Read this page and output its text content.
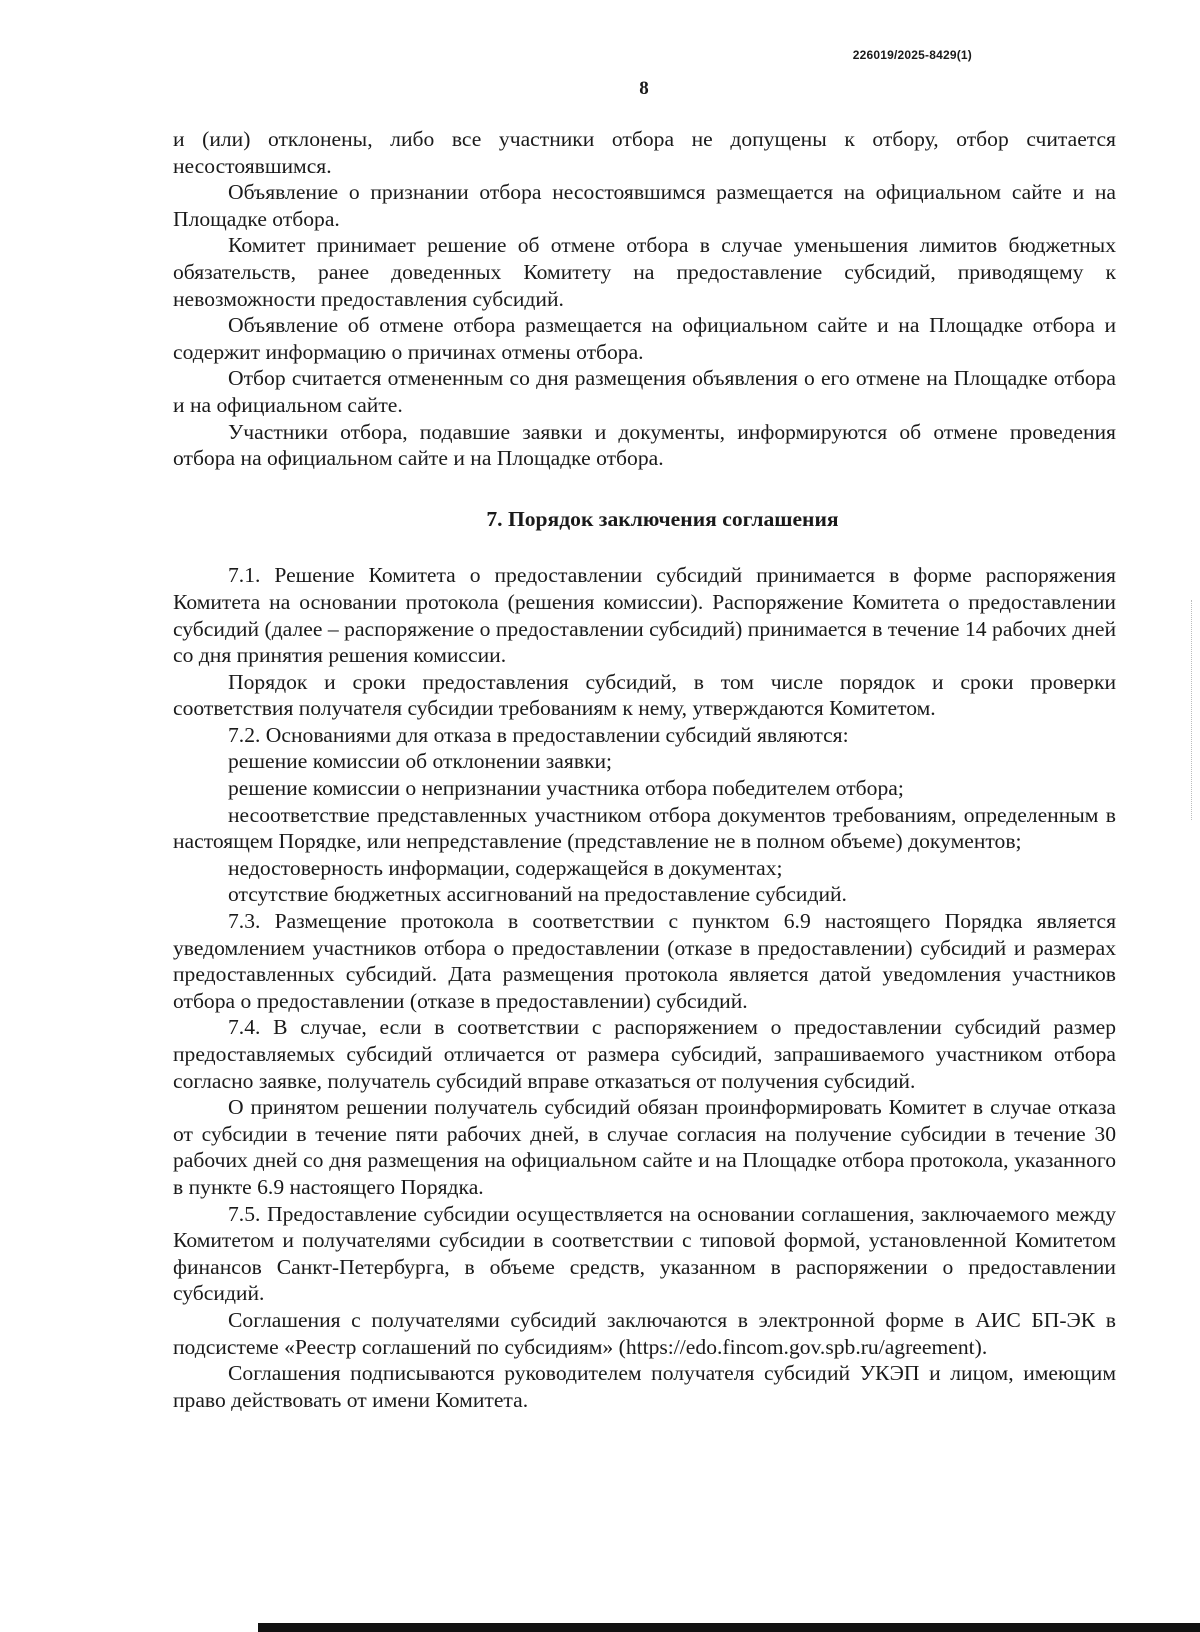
226019/2025-8429(1)
8

и (или) отклонены, либо все участники отбора не допущены к отбору, отбор считается несостоявшимся.

Объявление о признании отбора несостоявшимся размещается на официальном сайте и на Площадке отбора.

Комитет принимает решение об отмене отбора в случае уменьшения лимитов бюджетных обязательств, ранее доведенных Комитету на предоставление субсидий, приводящему к невозможности предоставления субсидий.

Объявление об отмене отбора размещается на официальном сайте и на Площадке отбора и содержит информацию о причинах отмены отбора.

Отбор считается отмененным со дня размещения объявления о его отмене на Площадке отбора и на официальном сайте.

Участники отбора, подавшие заявки и документы, информируются об отмене проведения отбора на официальном сайте и на Площадке отбора.

7. Порядок заключения соглашения

7.1. Решение Комитета о предоставлении субсидий принимается в форме распоряжения Комитета на основании протокола (решения комиссии). Распоряжение Комитета о предоставлении субсидий (далее – распоряжение о предоставлении субсидий) принимается в течение 14 рабочих дней со дня принятия решения комиссии.

Порядок и сроки предоставления субсидий, в том числе порядок и сроки проверки соответствия получателя субсидии требованиям к нему, утверждаются Комитетом.

7.2. Основаниями для отказа в предоставлении субсидий являются:

решение комиссии об отклонении заявки;

решение комиссии о непризнании участника отбора победителем отбора;

несоответствие представленных участником отбора документов требованиям, определенным в настоящем Порядке, или непредставление (представление не в полном объеме) документов;

недостоверность информации, содержащейся в документах;

отсутствие бюджетных ассигнований на предоставление субсидий.

7.3. Размещение протокола в соответствии с пунктом 6.9 настоящего Порядка является уведомлением участников отбора о предоставлении (отказе в предоставлении) субсидий и размерах предоставленных субсидий. Дата размещения протокола является датой уведомления участников отбора о предоставлении (отказе в предоставлении) субсидий.

7.4. В случае, если в соответствии с распоряжением о предоставлении субсидий размер предоставляемых субсидий отличается от размера субсидий, запрашиваемого участником отбора согласно заявке, получатель субсидий вправе отказаться от получения субсидий.

О принятом решении получатель субсидий обязан проинформировать Комитет в случае отказа от субсидии в течение пяти рабочих дней, в случае согласия на получение субсидии в течение 30 рабочих дней со дня размещения на официальном сайте и на Площадке отбора протокола, указанного в пункте 6.9 настоящего Порядка.

7.5. Предоставление субсидии осуществляется на основании соглашения, заключаемого между Комитетом и получателями субсидии в соответствии с типовой формой, установленной Комитетом финансов Санкт-Петербурга, в объеме средств, указанном в распоряжении о предоставлении субсидий.

Соглашения с получателями субсидий заключаются в электронной форме в АИС БП-ЭК в подсистеме «Реестр соглашений по субсидиям» (https://edo.fincom.gov.spb.ru/agreement).

Соглашения подписываются руководителем получателя субсидий УКЭП и лицом, имеющим право действовать от имени Комитета.
